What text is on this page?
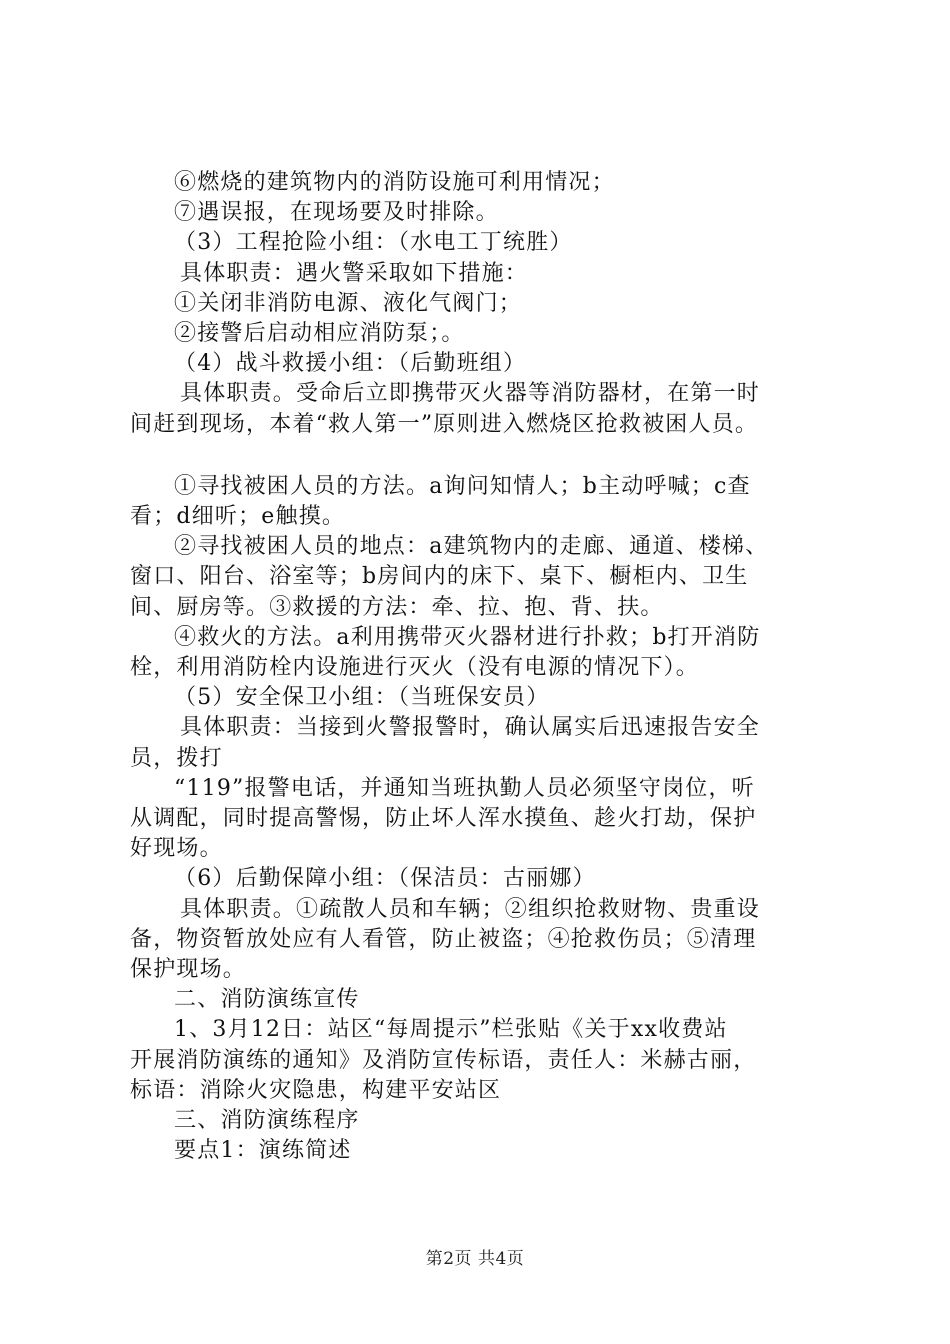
⑥燃烧的建筑物内的消防设施可利用情况；
⑦遇误报，在现场要及时排除。
（3）工程抢险小组：（水电工丁统胜）
具体职责：遇火警采取如下措施：
①关闭非消防电源、液化气阀门；
②接警后启动相应消防泵；。
（4）战斗救援小组：（后勤班组）
具体职责。受命后立即携带灭火器等消防器材，在第一时
间赶到现场，本着“救人第一”原则进入燃烧区抢救被困人员。
①寻找被困人员的方法。a询问知情人；b主动呼喊；c查
看；d细听；e触摸。
②寻找被困人员的地点：a建筑物内的走廊、通道、楼梯、
窗口、阳台、浴室等；b房间内的床下、桌下、橱柜内、卫生
间、厨房等。③救援的方法：牵、拉、抱、背、扶。
④救火的方法。a利用携带灭火器材进行扑救；b打开消防
栓，利用消防栓内设施进行灭火（没有电源的情况下）。
（5）安全保卫小组：（当班保安员）
具体职责：当接到火警报警时，确认属实后迅速报告安全
员，拨打
“119”报警电话，并通知当班执勤人员必须坚守岗位，听
从调配，同时提高警惕，防止坏人浑水摸鱼、趁火打劫，保护
好现场。
（6）后勤保障小组：（保洁员：古丽娜）
具体职责。①疏散人员和车辆；②组织抢救财物、贵重设
备，物资暂放处应有人看管，防止被盗；④抢救伤员；⑤清理
保护现场。
二、消防演练宣传
1、3月12日：站区“每周提示”栏张贴《关于xx收费站
开展消防演练的通知》及消防宣传标语，责任人：米赫古丽，
标语：消除火灾隐患，构建平安站区
三、消防演练程序
要点1：演练简述
第2页 共4页
